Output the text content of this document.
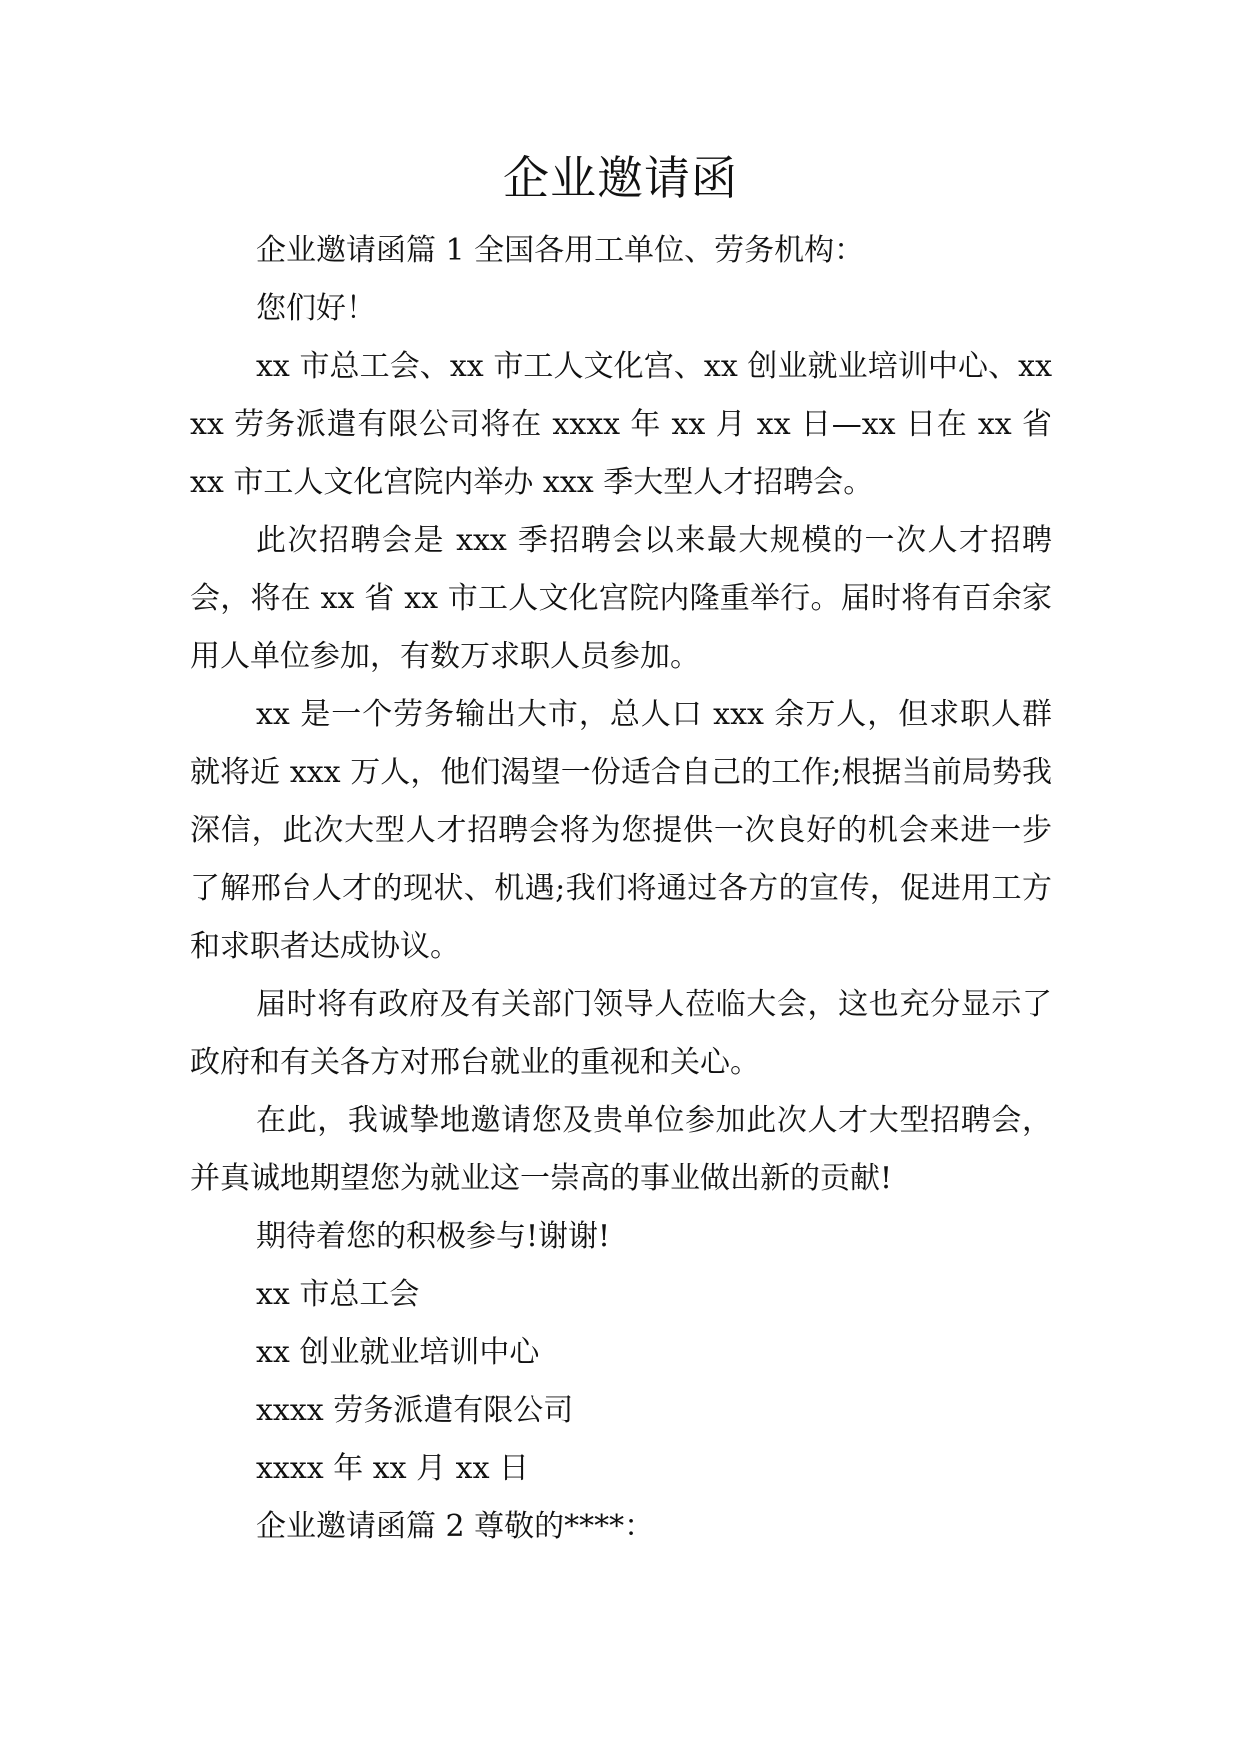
企业邀请函

企业邀请函篇 1 全国各用工单位、劳务机构：

您们好！

xx 市总工会、xx 市工人文化宫、xx 创业就业培训中心、xxxx 劳务派遣有限公司将在 xxxx 年 xx 月 xx 日—xx 日在 xx 省 xx 市工人文化宫院内举办 xxx 季大型人才招聘会。

此次招聘会是 xxx 季招聘会以来最大规模的一次人才招聘会，将在 xx 省 xx 市工人文化宫院内隆重举行。届时将有百余家用人单位参加，有数万求职人员参加。

xx 是一个劳务输出大市，总人口 xxx 余万人，但求职人群就将近 xxx 万人，他们渴望一份适合自己的工作;根据当前局势我深信，此次大型人才招聘会将为您提供一次良好的机会来进一步了解邢台人才的现状、机遇;我们将通过各方的宣传，促进用工方和求职者达成协议。

届时将有政府及有关部门领导人莅临大会，这也充分显示了政府和有关各方对邢台就业的重视和关心。

在此，我诚挚地邀请您及贵单位参加此次人才大型招聘会，并真诚地期望您为就业这一崇高的事业做出新的贡献!

期待着您的积极参与!谢谢!

xx 市总工会

xx 创业就业培训中心

xxxx 劳务派遣有限公司

xxxx 年 xx 月 xx 日

企业邀请函篇 2 尊敬的****：
